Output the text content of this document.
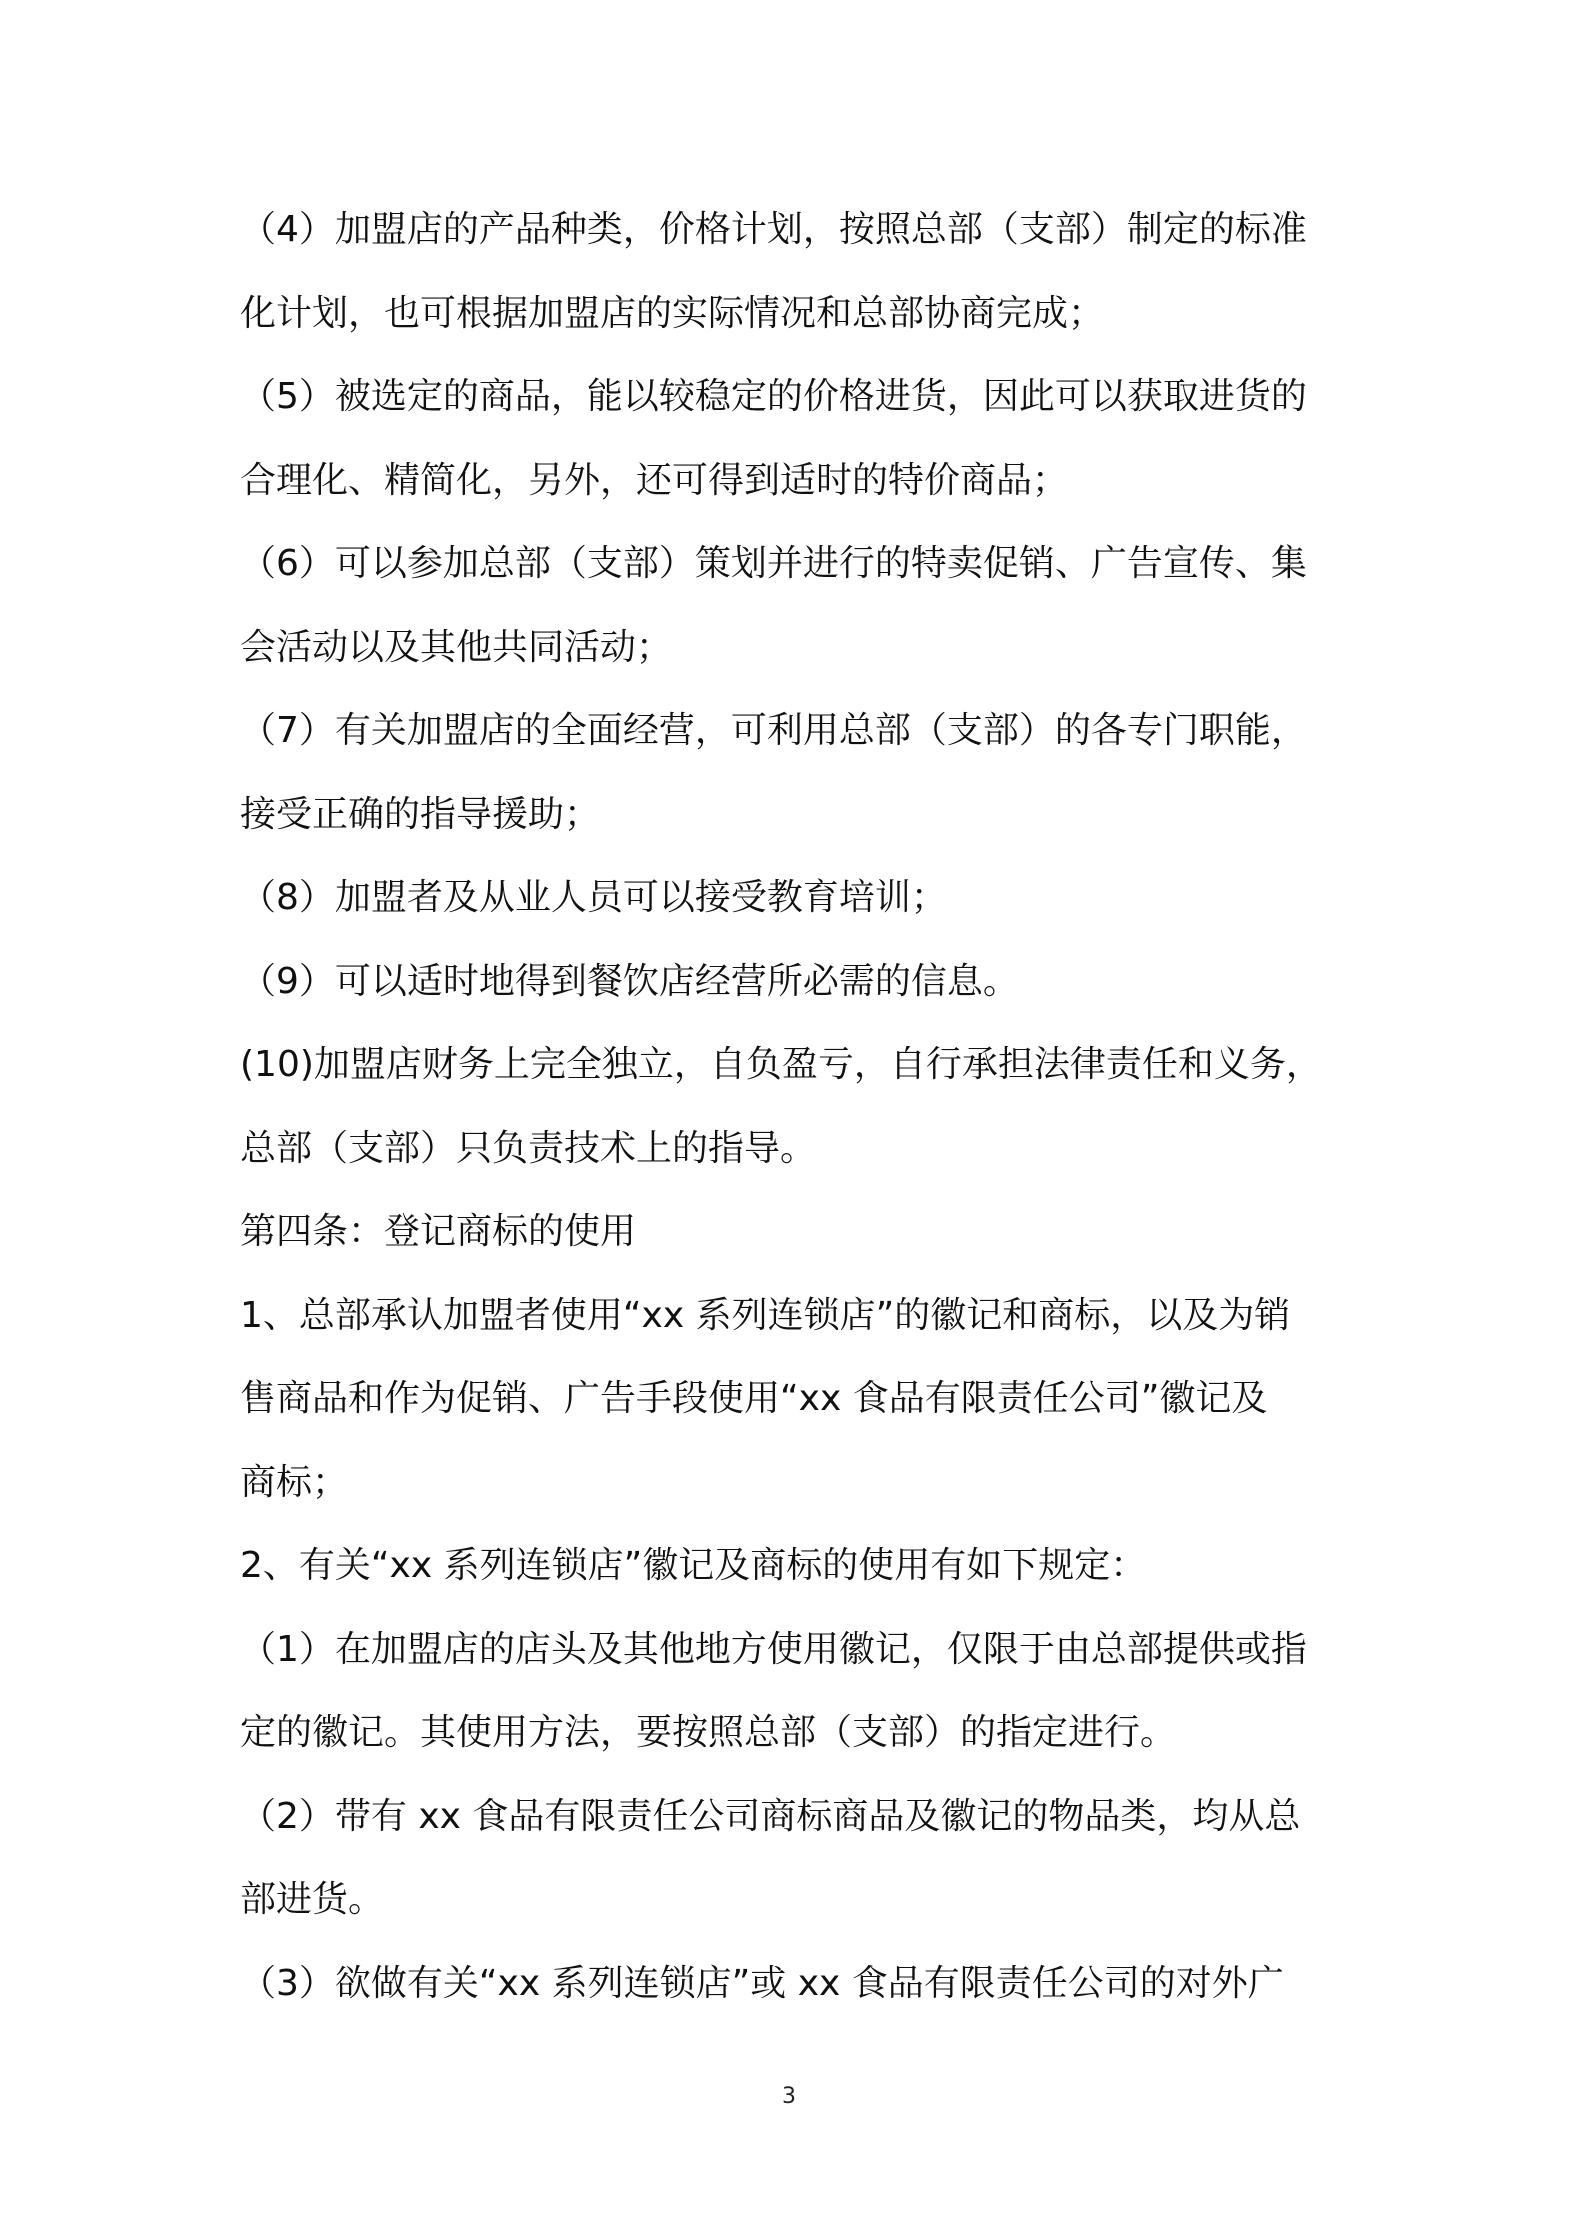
（4）加盟店的产品种类，价格计划，按照总部（支部）制定的标准
化计划，也可根据加盟店的实际情况和总部协商完成；
（5）被选定的商品，能以较稳定的价格进货，因此可以获取进货的
合理化、精简化，另外，还可得到适时的特价商品；
（6）可以参加总部（支部）策划并进行的特卖促销、广告宣传、集
会活动以及其他共同活动；
（7）有关加盟店的全面经营，可利用总部（支部）的各专门职能，
接受正确的指导援助；
（8）加盟者及从业人员可以接受教育培训；
（9）可以适时地得到餐饮店经营所必需的信息。
(10)加盟店财务上完全独立，自负盈亏，自行承担法律责任和义务，
总部（支部）只负责技术上的指导。
第四条：登记商标的使用
1、总部承认加盟者使用“xx 系列连锁店”的徽记和商标，以及为销
售商品和作为促销、广告手段使用“xx 食品有限责任公司”徽记及
商标；
2、有关“xx 系列连锁店”徽记及商标的使用有如下规定：
（1）在加盟店的店头及其他地方使用徽记，仅限于由总部提供或指
定的徽记。其使用方法，要按照总部（支部）的指定进行。
（2）带有 xx 食品有限责任公司商标商品及徽记的物品类，均从总
部进货。
（3）欲做有关“xx 系列连锁店”或 xx 食品有限责任公司的对外广
3
